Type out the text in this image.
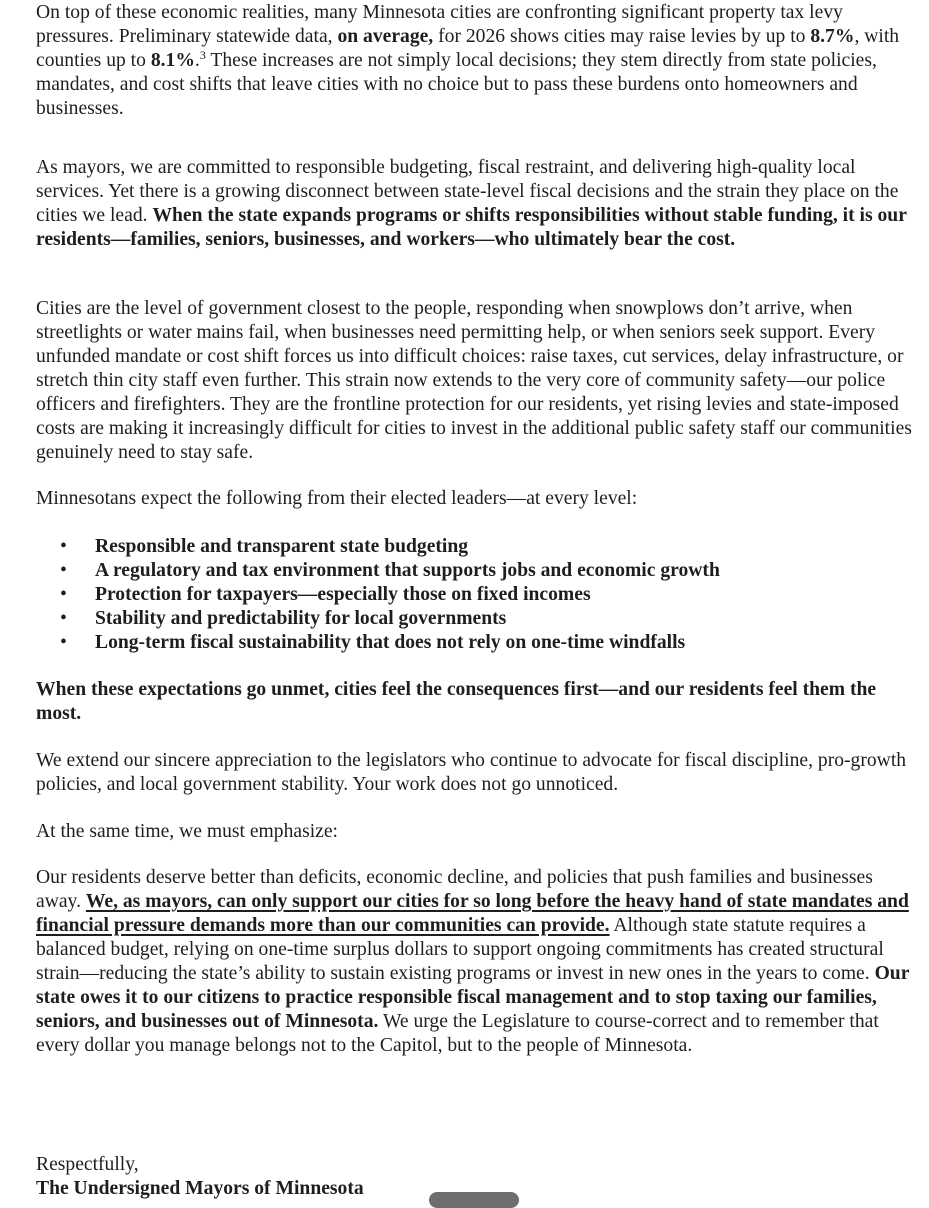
On top of these economic realities, many Minnesota cities are confronting significant property tax levy pressures. Preliminary statewide data, on average, for 2026 shows cities may raise levies by up to 8.7%, with counties up to 8.1%.$^3$ These increases are not simply local decisions; they stem directly from state policies, mandates, and cost shifts that leave cities with no choice but to pass these burdens onto homeowners and businesses.

As mayors, we are committed to responsible budgeting, fiscal restraint, and delivering high-quality local services. Yet there is a growing disconnect between state-level fiscal decisions and the strain they place on the cities we lead. When the state expands programs or shifts responsibilities without stable funding, it is our residents—families, seniors, businesses, and workers—who ultimately bear the cost.

Cities are the level of government closest to the people, responding when snowplows don’t arrive, when streetlights or water mains fail, when businesses need permitting help, or when seniors seek support. Every unfunded mandate or cost shift forces us into difficult choices: raise taxes, cut services, delay infrastructure, or stretch thin city staff even further. This strain now extends to the very core of community safety—our police officers and firefighters. They are the frontline protection for our residents, yet rising levies and state-imposed costs are making it increasingly difficult for cities to invest in the additional public safety staff our communities genuinely need to stay safe.

Minnesotans expect the following from their elected leaders—at every level:

• Responsible and transparent state budgeting
• A regulatory and tax environment that supports jobs and economic growth
• Protection for taxpayers—especially those on fixed incomes
• Stability and predictability for local governments
• Long-term fiscal sustainability that does not rely on one-time windfalls

When these expectations go unmet, cities feel the consequences first—and our residents feel them the most.

We extend our sincere appreciation to the legislators who continue to advocate for fiscal discipline, pro-growth policies, and local government stability. Your work does not go unnoticed.

At the same time, we must emphasize:

Our residents deserve better than deficits, economic decline, and policies that push families and businesses away. We, as mayors, can only support our cities for so long before the heavy hand of state mandates and financial pressure demands more than our communities can provide. Although state statute requires a balanced budget, relying on one-time surplus dollars to support ongoing commitments has created structural strain—reducing the state’s ability to sustain existing programs or invest in new ones in the years to come. Our state owes it to our citizens to practice responsible fiscal management and to stop taxing our families, seniors, and businesses out of Minnesota. We urge the Legislature to course-correct and to remember that every dollar you manage belongs not to the Capitol, but to the people of Minnesota.

Respectfully,

The Undersigned Mayors of Minnesota
